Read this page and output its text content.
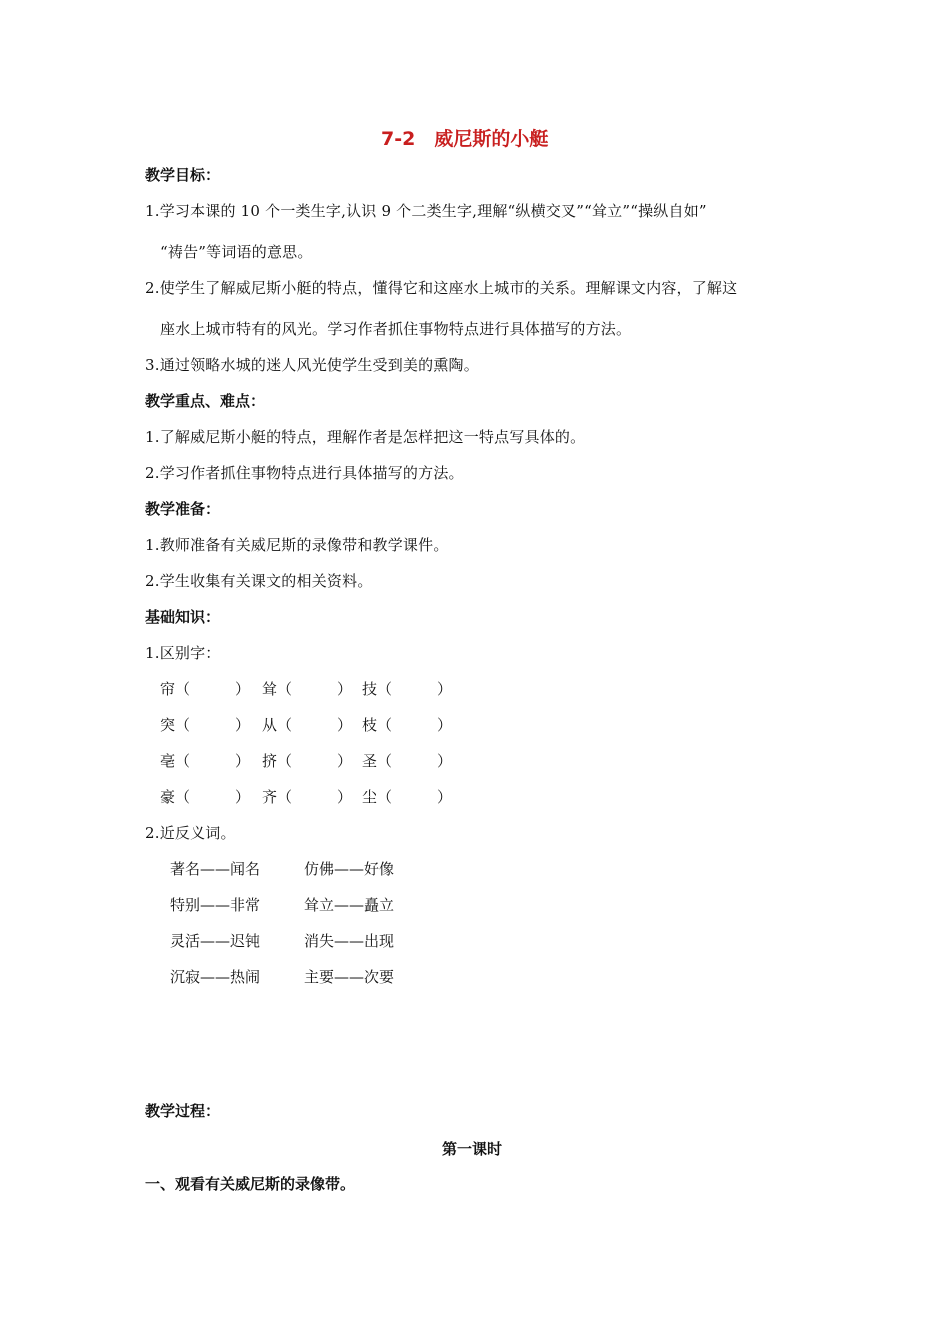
7-2　威尼斯的小艇
教学目标：
1.学习本课的 10 个一类生字,认识 9 个二类生字,理解“纵横交叉”“耸立”“操纵自如”
“祷告”等词语的意思。
2.使学生了解威尼斯小艇的特点，懂得它和这座水上城市的关系。理解课文内容，了解这
座水上城市特有的风光。学习作者抓住事物特点进行具体描写的方法。
3.通过领略水城的迷人风光使学生受到美的熏陶。
教学重点、难点：
1.了解威尼斯小艇的特点，理解作者是怎样把这一特点写具体的。
2.学习作者抓住事物特点进行具体描写的方法。
教学准备：
1.教师准备有关威尼斯的录像带和教学课件。
2.学生收集有关课文的相关资料。
基础知识：
1.区别字：
帘（　　　） 耸（　　　） 技（　　　）
突（　　　） 从（　　　） 枝（　　　）
亳（　　　） 挤（　　　） 圣（　　　）
豪（　　　） 齐（　　　） 尘（　　　）
2.近反义词。
著名——闻名	仿佛——好像
特别——非常	耸立——矗立
灵活——迟钝	消失——出现
沉寂——热闹	主要——次要
教学过程：
第一课时
一、观看有关威尼斯的录像带。
